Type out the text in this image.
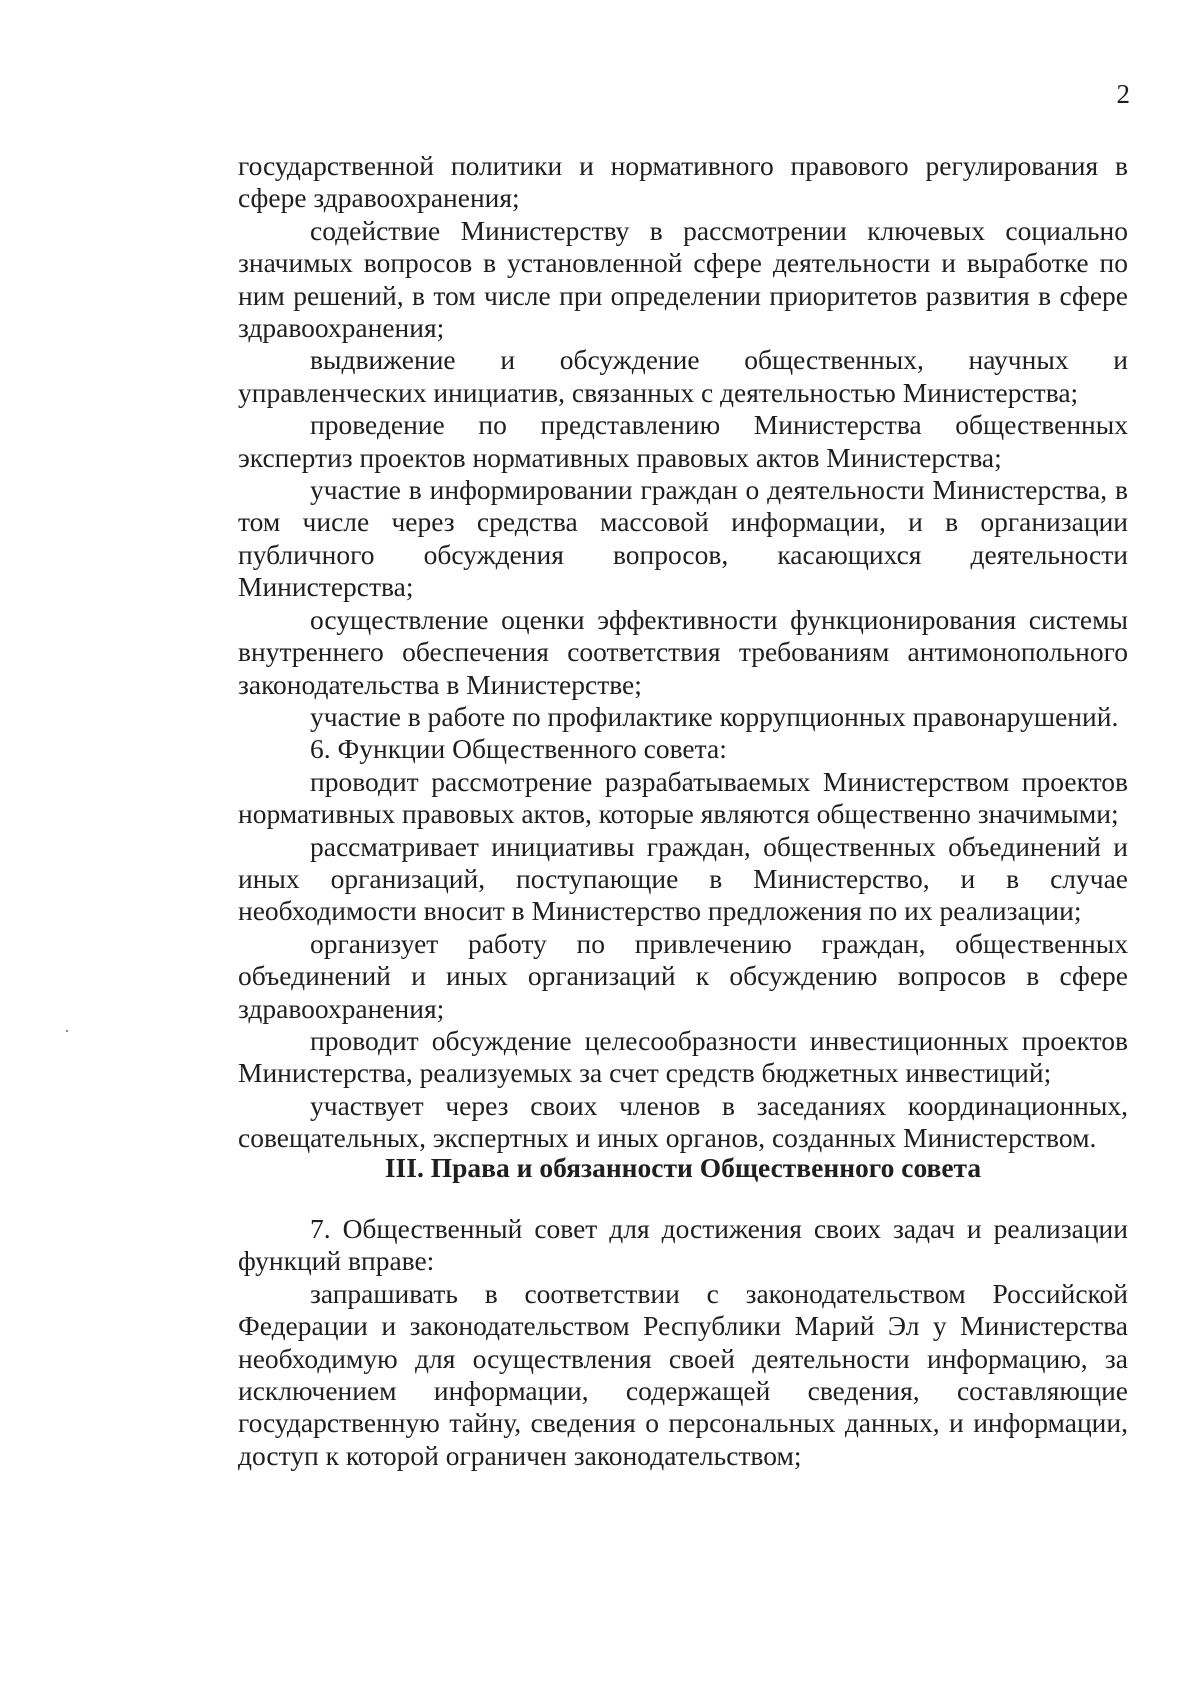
2

государственной политики и нормативного правового регулирования в сфере здравоохранения;

содействие Министерству в рассмотрении ключевых социально значимых вопросов в установленной сфере деятельности и выработке по ним решений, в том числе при определении приоритетов развития в сфере здравоохранения;

выдвижение и обсуждение общественных, научных и управленческих инициатив, связанных с деятельностью Министерства;

проведение по представлению Министерства общественных экспертиз проектов нормативных правовых актов Министерства;

участие в информировании граждан о деятельности Министерства, в том числе через средства массовой информации, и в организации публичного обсуждения вопросов, касающихся деятельности Министерства;

осуществление оценки эффективности функционирования системы внутреннего обеспечения соответствия требованиям антимонопольного законодательства в Министерстве;

участие в работе по профилактике коррупционных правонарушений.

6. Функции Общественного совета:

проводит рассмотрение разрабатываемых Министерством проектов нормативных правовых актов, которые являются общественно значимыми;

рассматривает инициативы граждан, общественных объединений и иных организаций, поступающие в Министерство, и в случае необходимости вносит в Министерство предложения по их реализации;

организует работу по привлечению граждан, общественных объединений и иных организаций к обсуждению вопросов в сфере здравоохранения;

проводит обсуждение целесообразности инвестиционных проектов Министерства, реализуемых за счет средств бюджетных инвестиций;

участвует через своих членов в заседаниях координационных, совещательных, экспертных и иных органов, созданных Министерством.

III. Права и обязанности Общественного совета

7. Общественный совет для достижения своих задач и реализации функций вправе:

запрашивать в соответствии с законодательством Российской Федерации и законодательством Республики Марий Эл у Министерства необходимую для осуществления своей деятельности информацию, за исключением информации, содержащей сведения, составляющие государственную тайну, сведения о персональных данных, и информации, доступ к которой ограничен законодательством;
